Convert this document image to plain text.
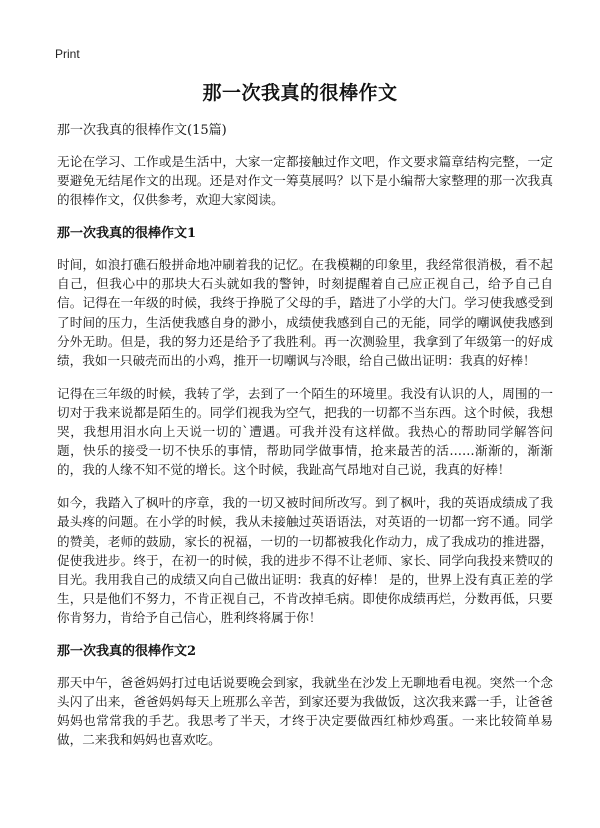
Print
那一次我真的很棒作文

那一次我真的很棒作文(15篇)

无论在学习、工作或是生活中，大家一定都接触过作文吧，作文要求篇章结构完整，一定要避免无结尾作文的出现。还是对作文一筹莫展吗？以下是小编帮大家整理的那一次我真的很棒作文，仅供参考，欢迎大家阅读。

那一次我真的很棒作文1

时间，如浪打礁石般拼命地冲刷着我的记忆。在我模糊的印象里，我经常很消极，看不起自己，但我心中的那块大石头就如我的警钟，时刻提醒着自己应正视自己，给予自己自信。记得在一年级的时候，我终于挣脱了父母的手，踏进了小学的大门。学习使我感受到了时间的压力，生活使我感自身的渺小，成绩使我感到自己的无能，同学的嘲讽使我感到分外无助。但是，我的努力还是给予了我胜利。再一次测验里，我拿到了年级第一的好成绩，我如一只破壳而出的小鸡，推开一切嘲讽与冷眼，给自己做出证明：我真的好棒！

记得在三年级的时候，我转了学，去到了一个陌生的环境里。我没有认识的人，周围的一切对于我来说都是陌生的。同学们视我为空气，把我的一切都不当东西。这个时候，我想哭，我想用泪水向上天说一切的`遭遇。可我并没有这样做。我热心的帮助同学解答问题，快乐的接受一切不快乐的事情，帮助同学做事情，抢来最苦的活……渐渐的，渐渐的，我的人缘不知不觉的增长。这个时候，我趾高气昂地对自己说，我真的好棒！

如今，我踏入了枫叶的序章，我的一切又被时间所改写。到了枫叶，我的英语成绩成了我最头疼的问题。在小学的时候，我从未接触过英语语法，对英语的一切都一窍不通。同学的赞美，老师的鼓励，家长的祝福，一切的一切都被我化作动力，成了我成功的推进器，促使我进步。终于，在初一的时候，我的进步不得不让老师、家长、同学向我投来赞叹的目光。我用我自己的成绩又向自己做出证明：我真的好棒！ 是的，世界上没有真正差的学生，只是他们不努力，不肯正视自己，不肯改掉毛病。即使你成绩再烂，分数再低，只要你肯努力，肯给予自己信心，胜利终将属于你！

那一次我真的很棒作文2

那天中午，爸爸妈妈打过电话说要晚会到家，我就坐在沙发上无聊地看电视。突然一个念头闪了出来，爸爸妈妈每天上班那么辛苦，到家还要为我做饭，这次我来露一手，让爸爸妈妈也常常我的手艺。我思考了半天，才终于决定要做西红柿炒鸡蛋。一来比较简单易做，二来我和妈妈也喜欢吃。
